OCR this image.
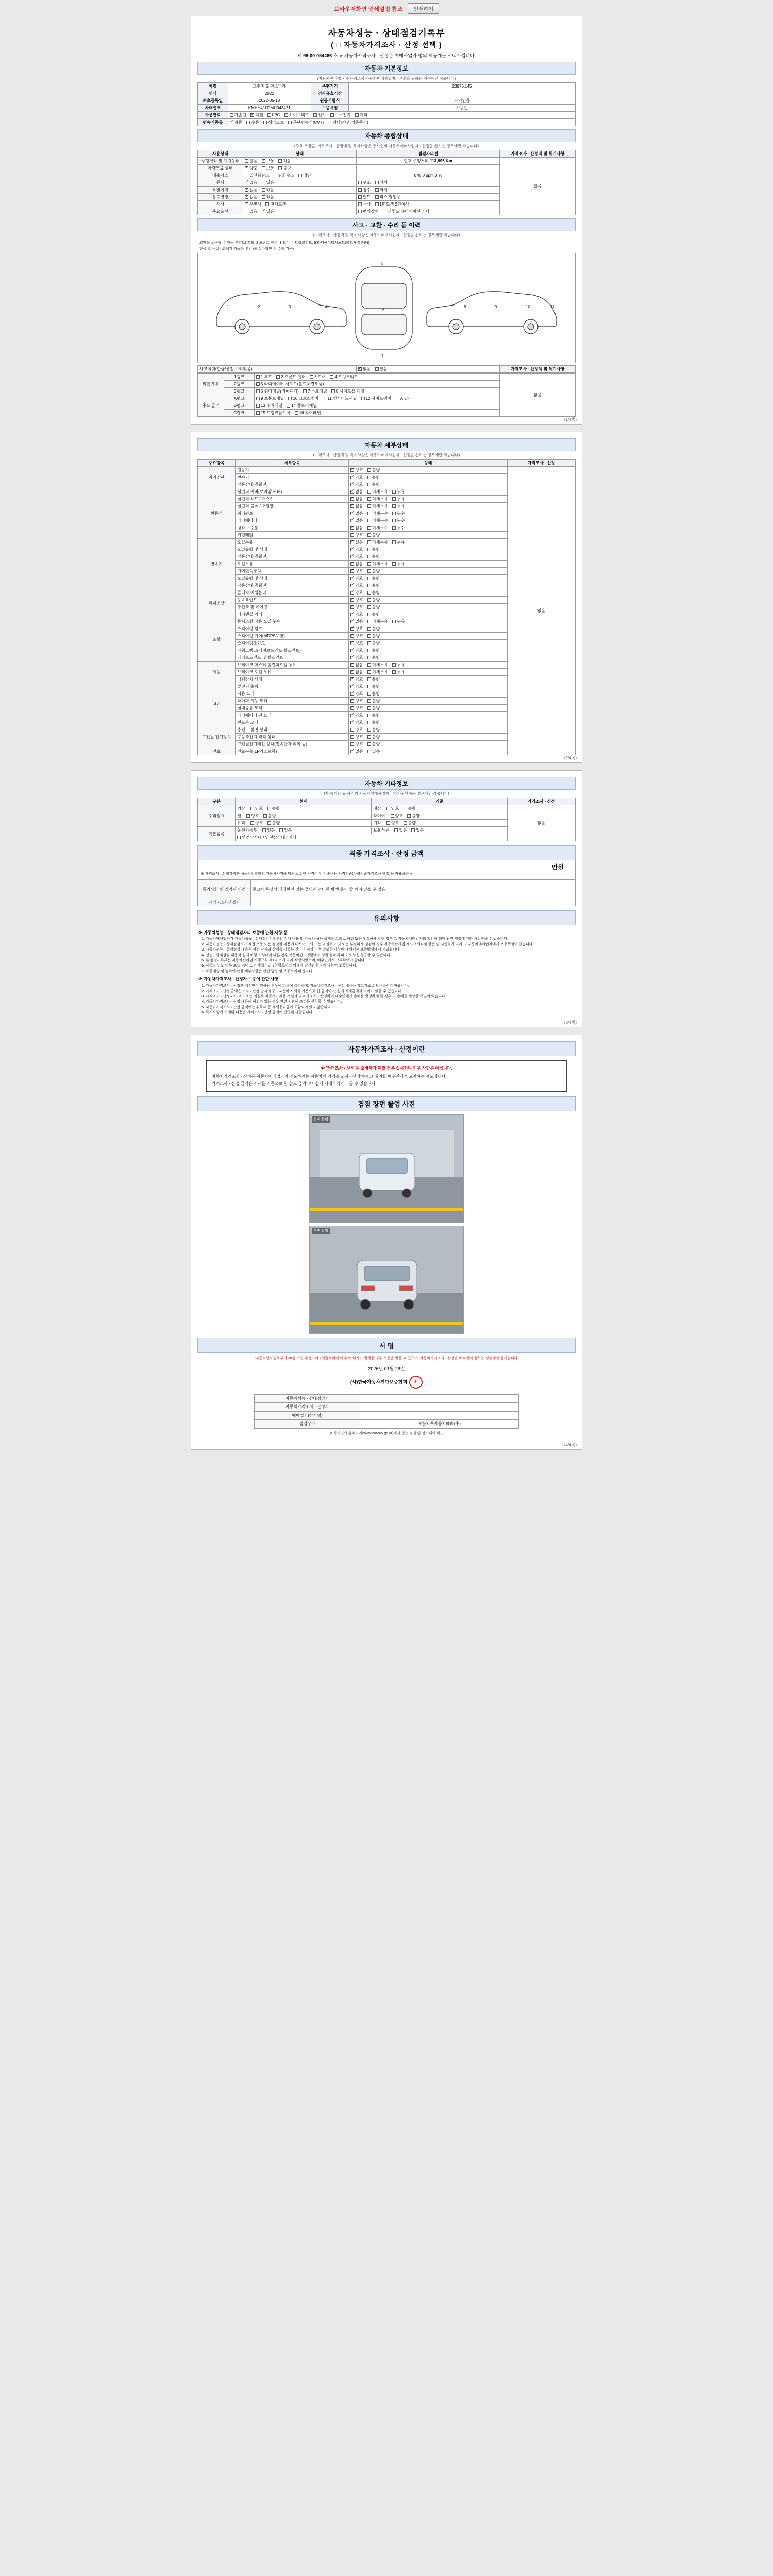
브라우저화면 인쇄설정 참조	인쇄하기
자동차성능 · 상태점검기록부
( □ 자동차가격조사 · 산정 선택 )
제 98-00-054486 호 ※ 자동차사격조사 · 산정은 매매사업자 명의 제공계는 서택소셉니다.
자동차 기본정보
(자동차관리법 기준가격조사 자동차매매사업자 · 산정을 완하는 경우에만 작습니다)
차명	그랜저IG 인스피레	주행거리	23976,145
연식	2022	검사유효기간	
최초등록일	2022-05-13	원동기형식	자기인증
차대번호	KMHH41LDMU043471	보증유형	가솔린
사용연료	가솔린 ✓ 디젤 LPG 하이브리드 전기 수소전기 기타
변속기종류	✓자동 수동 세미오토 무단변속기(CVT) 기타(샤셈 기준주기)
자동차 종합상태
(주요 조금출, 기록조사 · 산정에 및 복기사항은 동사인의 자동차매매사업자 · 산정을 완하는 경우에만 작습니다)
사용상태	상태	점검자의견	가격조사 · 산정액 및 특기사항
주행거리 및 계기상태	많음 ✓ 보통 적음	현재 주행거리 113,995 Km	없음
차량연료 상태	✓양호 보통 불량	
배출가스	일산화탄소 탄화수소 매연	0 % 0 ppm 0 %	
튜닝	✓없음 있음	구조 장치	
특별이력	✓없음 있음	침수 화재	
용도변경	✓없음 있음	렌트 리스 영업용	
색상	✓무변색 전체도색	색상 1면도색 2면이상	
주요옵션	없음 ✓ 있음	편의장치 선루프 내비게이션 기타	
사고 · 교환 · 수리 등 이력
(가격조사 · 산정액 및 특기사항은 자동차매매사업자 · 산정을 완하는 경우에만 작습니다)
교환을 요구할 수 있는 부위(1) 후드, 2 프론트 펜더, 3 도어, 4 트렁크리드, 5 라디에이터서포트(볼트체결부품))
판금 및 용접 · 교체가 가능한 부위 (※ 실차확인 및 수리 기준)
1	2	3	4
5
6
7
8	9	10	11
사고이력(판금/용접 수리있음)	✓없음 있음	가격조사 · 산정액 및 특기사항
외판 부위	1랭크	1 후드 2 프론트 펜더 3 도어 4 트렁크리드	없음
	2랭크	5 라디에이터 서포트(볼트체결부품)	
	3랭크	6 쿼터패널(리어펜더) 7 루프패널 8 사이드실 패널	
주요 골격	A랭크	9 프론트패널 10 크로스멤버 11 인사이드패널 12 사이드멤버 A 필러	
	B랭크	13 대쉬패널 14 플로어패널	
	C랭크	15 트렁크플로어 16 리어패널	
(1/4쪽)
자동차 세부상태
(가격조사 · 산정액 및 특기사항은 자동차매매사업자 · 산정을 완하는 경우에만 작습니다)
주요항목	세부항목	상태	가격조사 · 산정
자기진단	원동기	✓양호 불량	없음
	변속기	✓양호 불량
	작동상태(공회전)	✓양호 불량
원동기	실린더 커버(로커암 커버)	✓없음 미세누유 누유
	실린더 헤드 / 개스킷	✓없음 미세누유 누유
	실린더 블록 / 오일팬	✓없음 미세누유 누유
	워터펌프	✓없음 미세누수 누수
	라디에이터	✓없음 미세누수 누수
	냉각수 수분	✓없음 미세누수 누수
	커먼레일	양호 불량	
변속기	오일누유	✓없음 미세누유 누유
	오일유량 및 상태	✓양호 불량
	작동상태(공회전)	✓양호 불량
	오일누유	✓없음 미세누유 누유
	기어변속장치	✓양호 불량
	오일유량 및 상태	✓양호 불량
	작동상태(공회전)	✓양호 불량
동력전달	클러치 어셈블리	✓양호 불량
	등속죠인트	✓양호 불량
	추진축 및 베어링	✓양호 불량
	디퍼렌셜 기어	✓양호 불량
조향	동력조향 작동 오일 누유	✓없음 미세누유 누유
	스티어링 펌프	✓양호 불량
	스티어링 기어(MDPS포함)	✓양호 불량
	스티어링조인트	✓양호 불량
	파워크랭크(타이로드앤드 볼죠인트)	✓양호 불량
	타이로드엔드 및 볼죠인트	✓양호 불량
제동	브레이크 마스터 실린더오일 누유	✓없음 미세누유 누유
	브레이크 오일 누유	✓없음 미세누유 누유
	배력장치 상태	✓양호 불량
전기	발전기 출력	✓양호 불량
	시동 모터	✓양호 불량
	와이퍼 기능 모터	✓양호 불량
	실내송풍 모터	✓양호 불량
	라디에이터 팬 모터	✓양호 불량
	윈도우 모터	✓양호 불량
고전원 전기장치	충전구 절연 상태	양호 불량	
	구동축전지 격리 상태	양호 불량	
	고전원전기배선 상태(접속단자,피복 등)	양호 불량	
연료	연료누출(LP가스포함)	✓없음 있음
(2/4쪽)
자동차 기타정보
(자 특기할 등 사인의 자동차매매사업자 · 산정을 완하는 경우에만 작습니다)
구분	현재	기준	가격조사 · 산정
수리필요	외장 양호 불량	내장 양호 불량	없음
	휠 양호 불량	타이어 양호 불량	
	유리 양호 불량	기타 양호 불량	
기본품목	운전기록부 없음 있음	보유서류 없음 있음	
	안전삼각대 / 안전삼각대 / 기타		
최종 가격조사 · 산정 금액
만원
※ 가격조사 · 산정가격은 성능점검할때의 자동차가격을 바탕으로 한 가격이며, 기술내는 가격기준(차량기준가격조사 산정)을 적용하였음
특기사항 및 점검자 의견	중고차 특성상 매매완전 있는 물의에 경미한 방생 등의 할 차이 있을 수 있음.
가격 · 조사산정자	
유의사항
※ 자동차성능 · 상태점검자의 보증에 관한 사항 등
1. 자동차매매업자가 자동차성능 · 상태점검기록부의 기재 내용 및 자동차 성능 상태를 고의로 허위 또는 부실하게 알린 경우 그 자동차매매업자의 책임이 되며 관련 법령에 따라 처벌받을 수 있습니다.
2. 자동차성능 · 상태점검자가 직접 보증 또는 점검한 내용에 대하여 고의 또는 과실로 거짓 또는 부실하게 점검한 경우 자동차관리법 제58조의4 및 같은 법 시행령에 따라 그 자동차매매업자에게 보증책임이 있습니다.
3. 자동차성능 · 상태점검 내용은 점검 당시의 상태를 기록한 것이며 점검 이후 발생한 사항에 대해서는 보증범위에서 제외됩니다.
4. 성능 · 상태점검 내용과 실제 차량의 상태가 다른 경우 자동차관리법령에서 정한 절차에 따라 보상을 청구할 수 있습니다.
5. 본 점검기록부는 자동차관리법 시행규칙 제120조에 따라 작성되었으며, 매수인에게 교부하여야 합니다.
6. 자동차 인도 이후 30일 이내 또는 주행거리 2천킬로미터 이내에 발견된 하자에 대하여 보증합니다.
7. 보증대상 및 범위에 관한 세부사항은 관련 법령 및 보증서에 따릅니다.
※ 자동차가격조사 · 산정자 보증에 관한 사항
1. 자동차가격조사 · 산정은 매수인이 원하는 경우에 한하여 실시하며, 자동차가격조사 · 산정 내용은 참고자료로 활용하시기 바랍니다.
2. 가격조사 · 산정 금액은 조사 · 산정 당시의 중고자동차 시세를 기준으로 한 금액이며, 실제 거래금액과 차이가 있을 수 있습니다.
3. 가격조사 · 산정자가 고의 또는 과실로 자동차가격을 사실과 다르게 조사 · 산정하여 매수인에게 손해를 발생하게 한 경우 그 손해를 배상할 책임이 있습니다.
4. 자동차가격조사 · 산정 내용에 이의가 있는 경우 관련 기관에 조정을 신청할 수 있습니다.
5. 자동차가격조사 · 산정 금액에는 취득세 등 제세공과금이 포함되어 있지 않습니다.
6. 특기사항에 기재된 내용은 가격조사 · 산정 금액에 반영된 사항입니다.
(3/4쪽)
자동차가격조사 · 산정이란
※ '가격조사 · 산정'은 소비자가 원할 경우 실시되며 의무 사항은 아닙니다.
자동차가격조사 · 산정은 자동차매매업자가 매도하려는 자동차의 가격을 조사 · 산정하여 그 결과를 매수인에게 고지하는 제도입니다.
가격조사 · 산정 금액은 시세를 기준으로 한 참고 금액이며 실제 거래가격과 다를 수 있습니다.
검점 장면 촬영 사진
전면 촬영
후면 촬영
서 명
"자동차인도일로부터 30일 또는 주행거리 2천킬로미터 이내"에 하자가 발생한 경우 보증을 받을 수 있으며, 자동차가격조사 · 산정은 매수인이 원하는 경우에만 실시합니다.
2026년 01월 28일
(사)한국자동차진단보증협회 인
자동차성능 · 상태점검자	
자동차가격조사 · 산정자	
매매업자(상사명)	
점검장소	보분차주자동차매매(주)
※ 자기진단 홈페이지(www.car365.go.kr)에서 성능 점검 및 정비내역 확인
(4/4쪽)
